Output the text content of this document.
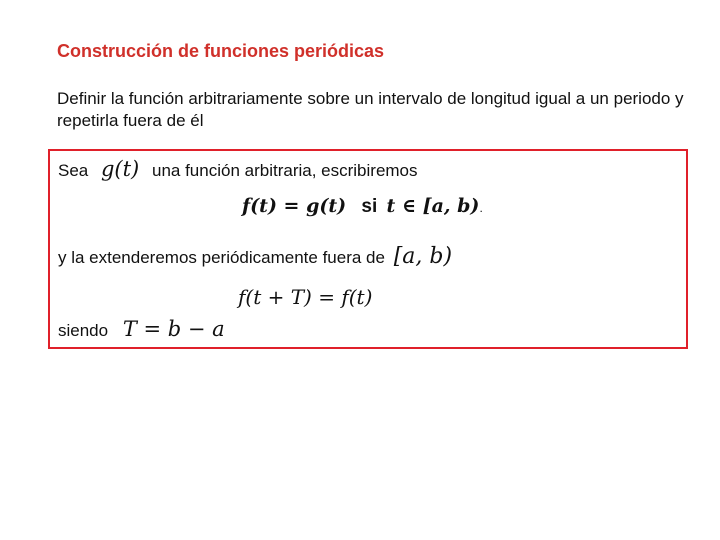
Construcción de funciones periódicas
Definir la función arbitrariamente sobre un intervalo de longitud igual a un periodo y repetirla fuera de él
Sea g(t) una función arbitraria, escribiremos
f(t) = g(t) si t ∈ [a, b).
y la extenderemos periódicamente fuera de [a, b)
f(t + T) = f(t)
siendo T = b − a
